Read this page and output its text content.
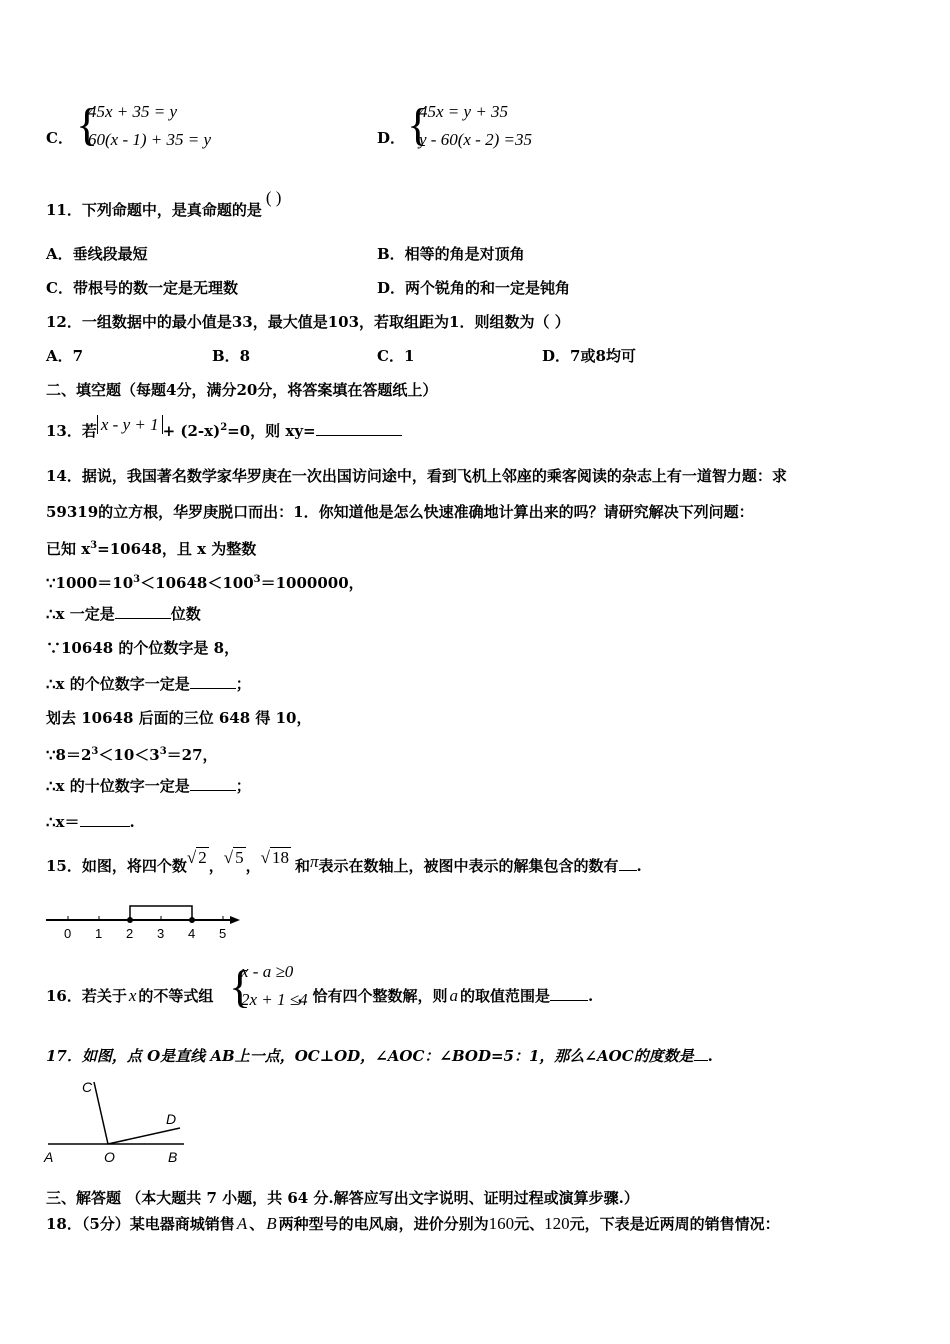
C． {
45x + 35 = y
60(x - 1) + 35 = y	D． {
45x = y + 35
y - 60(x - 2) =35
11．下列命题中，是真命题的是( )
A．垂线段最短	B．相等的角是对顶角
C．带根号的数一定是无理数	D．两个锐角的和一定是钝角
12．一组数据中的最小值是33，最大值是103，若取组距为1．则组数为（ ）
A．7	B．8	C．1	D．7或8均可
二、填空题（每题4分，满分20分，将答案填在答题纸上）
13．若 $x - y + 1 + (2-x)^2=0$，则 xy=
14．据说，我国著名数学家华罗庚在一次出国访问途中，看到飞机上邻座的乘客阅读的杂志上有一道智力题：求
59319的立方根，华罗庚脱口而出：1．你知道他是怎么快速准确地计算出来的吗？请研究解决下列问题：
已知 $x^3=10648$，且 x 为整数
$\because 1000=10^3<10648<100^3=1000000$，
∴x 一定是	位数
∵10648 的个位数字是 8，
∴x 的个位数字一定是	；
划去 10648 后面的三位 648 得 10，
$\because 8=2^3<10<3^3=27$，
∴x 的十位数字一定是	；
∴x＝	.
15．如图，将四个数√ 2 ，√ 5 ，√ 18 和π表示在数轴上，被图中表示的解集包含的数有 .
0 1 2 3 4 5
16．若关于 x 的不等式组	，恰有四个整数解，则 a 的取值范围是	.
{
x - a ≥0
2x + 1 ≤4
17．如图，点 O是直线 AB上一点，OC⊥OD，∠AOC：∠BOD=5：1，那么∠AOC的度数是 .
C
D
A	O	B
三、解答题 （本大题共 7 小题，共 64 分.解答应写出文字说明、证明过程或演算步骤.）
18．（5分）某电器商城销售 A 、 B 两种型号的电风扇，进价分别为160元、120元，下表是近两周的销售情况：
